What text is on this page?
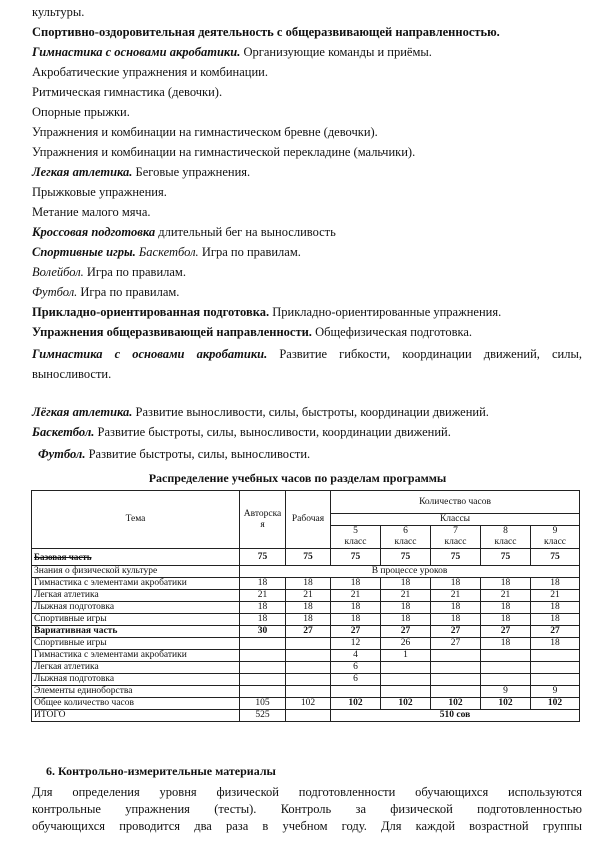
культуры.
Спортивно-оздоровительная деятельность с общеразвивающей направленностью.
Гимнастика с основами акробатики. Организующие команды и приёмы.
Акробатические упражнения и комбинации.
Ритмическая гимнастика (девочки).
Опорные прыжки.
Упражнения и комбинации на гимнастическом бревне (девочки).
Упражнения и комбинации на гимнастической перекладине (мальчики).
Легкая атлетика. Беговые упражнения.
Прыжковые упражнения.
Метание малого мяча.
Кроссовая подготовка длительный бег на выносливость
Спортивные игры. Баскетбол. Игра по правилам.
Волейбол. Игра по правилам.
Футбол. Игра по правилам.
Прикладно-ориентированная подготовка. Прикладно-ориентированные упражнения.
Упражнения общеразвивающей направленности. Общефизическая подготовка.
Гимнастика с основами акробатики. Развитие гибкости, координации движений, силы, выносливости.
Лёгкая атлетика. Развитие выносливости, силы, быстроты, координации движений.
Баскетбол. Развитие быстроты, силы, выносливости, координации движений.
Футбол. Развитие быстроты, силы, выносливости.
Распределение учебных часов по разделам программы
Тема	Авторская	Рабочая	Количество часов				
			Классы				
			5	6	7	8	9
			класс	класс	класс	класс	класс
Базовая часть	75	75	75	75	75	75	75
Знания о физической культуре	В процессе уроков						
Гимнастика с элементами акробатики	18	18	18	18	18	18	18
Легкая атлетика	21	21	21	21	21	21	21
Лыжная подготовка	18	18	18	18	18	18	18
Спортивные игры	18	18	18	18	18	18	18
Вариативная часть	30	27	27	27	27	27	27
Спортивные игры			12	26	27	18	18
Гимнастика с элементами акробатики			4	1			
Легкая атлетика			6				
Лыжная подготовка			6				
Элементы единоборства						9	9
Общее количество часов	105	102	102	102	102	102	102
ИТОГО	525		510 сов				
6. Контрольно-измерительные материалы
Для определения уровня физической подготовленности обучающихся используются
контрольные упражнения (тесты). Контроль за физической подготовленностью
обучающихся проводится два раза в учебном году. Для каждой возрастной группы
